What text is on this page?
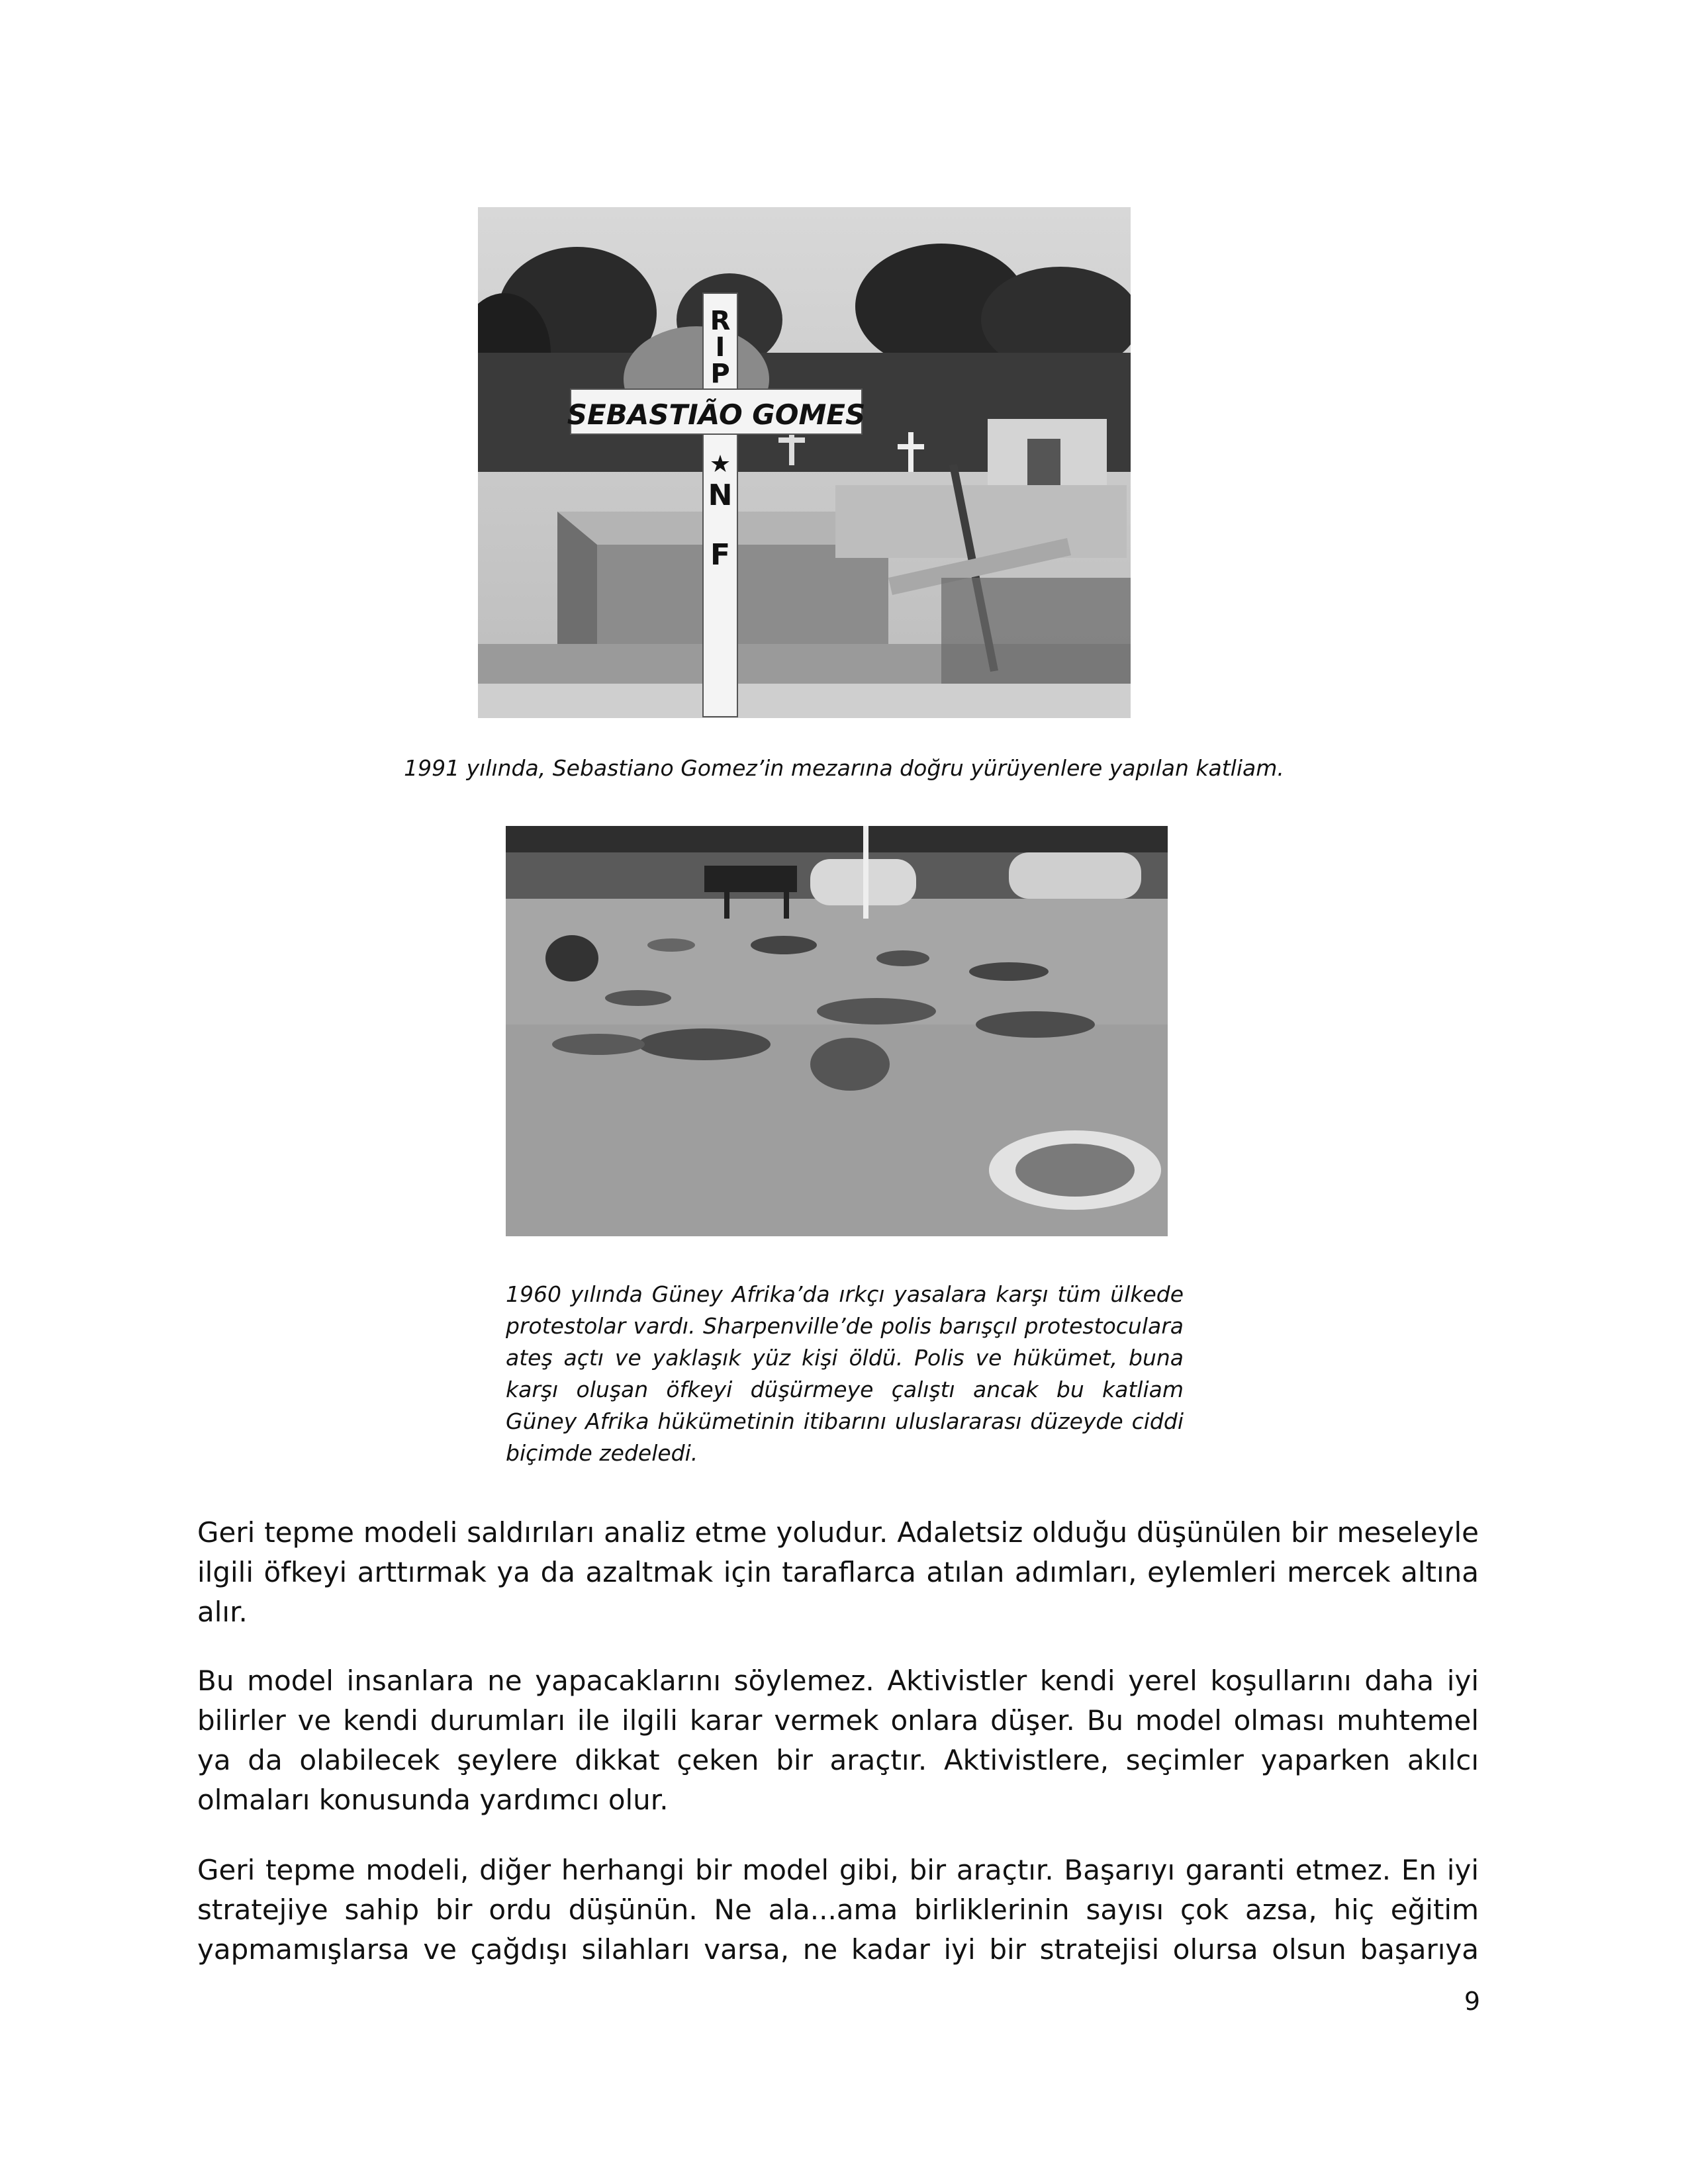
R
I
P
SEBASTIÃO GOMES
★
N
F
1991 yılında, Sebastiano Gomez’in mezarına doğru yürüyenlere yapılan katliam.
1960 yılında Güney Afrika’da ırkçı yasalara karşı tüm ülkede protestolar vardı. Sharpenville’de polis barışçıl protestoculara ateş açtı ve yaklaşık yüz kişi öldü. Polis ve hükümet, buna karşı oluşan öfkeyi düşürmeye çalıştı ancak bu katliam Güney Afrika hükümetinin itibarını uluslararası düzeyde ciddi biçimde zedeledi.

Geri tepme modeli saldırıları analiz etme yoludur. Adaletsiz olduğu düşünülen bir meseleyle ilgili öfkeyi arttırmak ya da azaltmak için taraflarca atılan adımları, eylemleri mercek altına alır.

Bu model insanlara ne yapacaklarını söylemez. Aktivistler kendi yerel koşullarını daha iyi bilirler ve kendi durumları ile ilgili karar vermek onlara düşer. Bu model olması muhtemel ya da olabilecek şeylere dikkat çeken bir araçtır. Aktivistlere, seçimler yaparken akılcı olmaları konusunda yardımcı olur.

Geri tepme modeli, diğer herhangi bir model gibi, bir araçtır. Başarıyı garanti etmez. En iyi stratejiye sahip bir ordu düşünün. Ne ala...ama birliklerinin sayısı çok azsa, hiç eğitim yapmamışlarsa ve çağdışı silahları varsa, ne kadar iyi bir stratejisi olursa olsun başarıya

9
